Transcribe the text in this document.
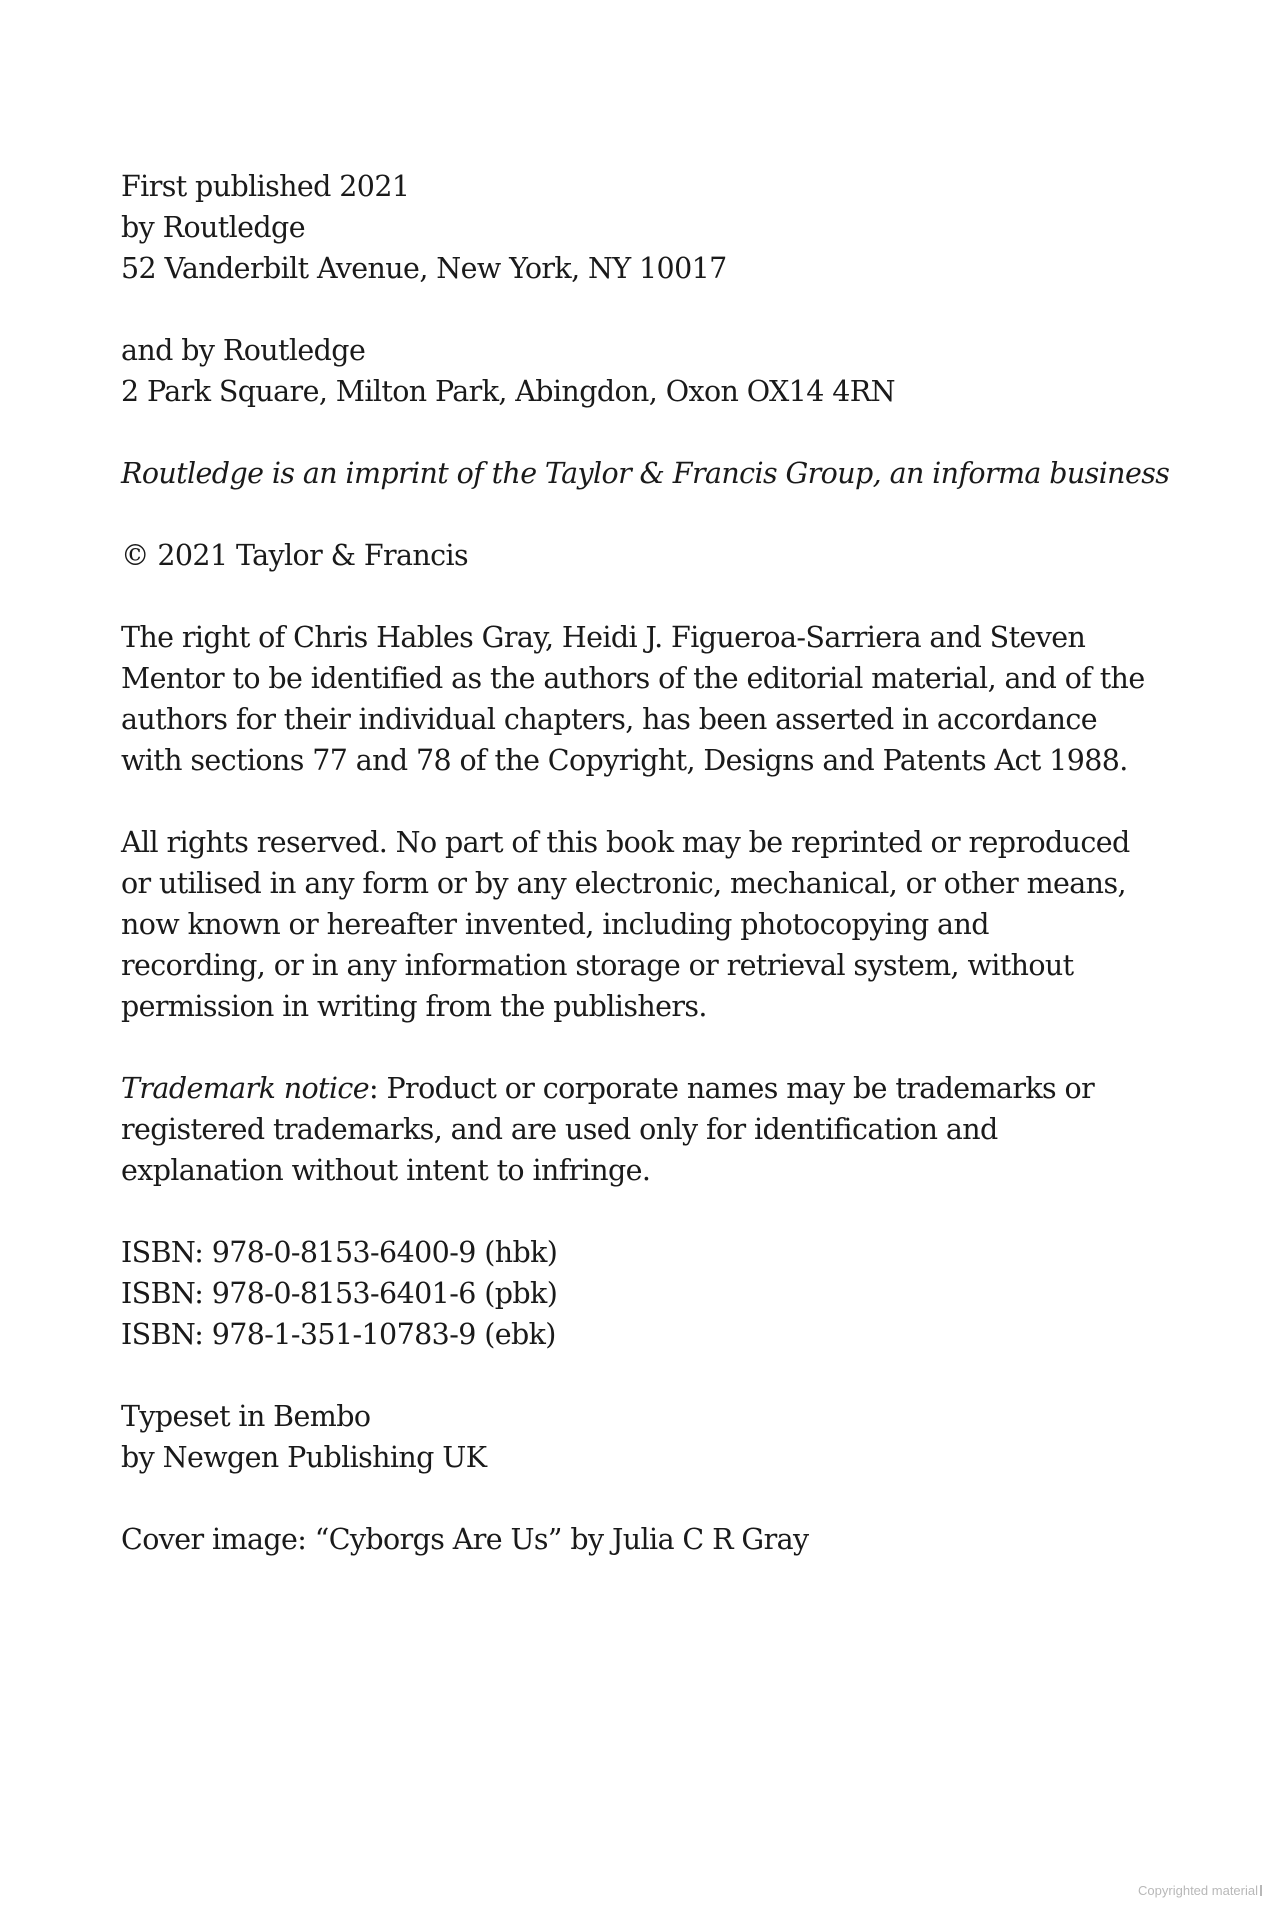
First published 2021
by Routledge
52 Vanderbilt Avenue, New York, NY 10017
and by Routledge
2 Park Square, Milton Park, Abingdon, Oxon OX14 4RN
Routledge is an imprint of the Taylor & Francis Group, an informa business
© 2021 Taylor & Francis
The right of Chris Hables Gray, Heidi J. Figueroa-Sarriera and Steven
Mentor to be identified as the authors of the editorial material, and of the
authors for their individual chapters, has been asserted in accordance
with sections 77 and 78 of the Copyright, Designs and Patents Act 1988.
All rights reserved. No part of this book may be reprinted or reproduced
or utilised in any form or by any electronic, mechanical, or other means,
now known or hereafter invented, including photocopying and
recording, or in any information storage or retrieval system, without
permission in writing from the publishers.
Trademark notice: Product or corporate names may be trademarks or
registered trademarks, and are used only for identification and
explanation without intent to infringe.
ISBN: 978-0-8153-6400-9 (hbk)
ISBN: 978-0-8153-6401-6 (pbk)
ISBN: 978-1-351-10783-9 (ebk)
Typeset in Bembo
by Newgen Publishing UK
Cover image: “Cyborgs Are Us” by Julia C R Gray
Copyrighted material
